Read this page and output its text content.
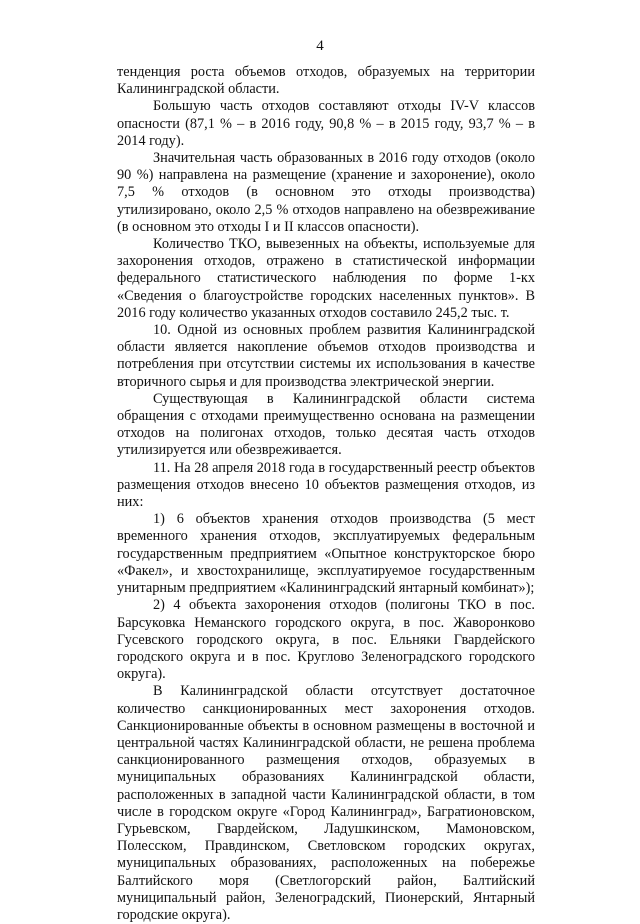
4

тенденция роста объемов отходов, образуемых на территории Калининградской области.

Большую часть отходов составляют отходы IV-V классов опасности (87,1 % – в 2016 году, 90,8 % – в 2015 году, 93,7 % – в 2014 году).

Значительная часть образованных в 2016 году отходов (около 90 %) направлена на размещение (хранение и захоронение), около 7,5 % отходов (в основном это отходы производства) утилизировано, около 2,5 % отходов направлено на обезвреживание (в основном это отходы I и II классов опасности).

Количество ТКО, вывезенных на объекты, используемые для захоронения отходов, отражено в статистической информации федерального статистического наблюдения по форме 1-кх «Сведения о благоустройстве городских населенных пунктов». В 2016 году количество указанных отходов составило 245,2 тыс. т.

10. Одной из основных проблем развития Калининградской области является накопление объемов отходов производства и потребления при отсутствии системы их использования в качестве вторичного сырья и для производства электрической энергии.

Существующая в Калининградской области система обращения с отходами преимущественно основана на размещении отходов на полигонах отходов, только десятая часть отходов утилизируется или обезвреживается.

11. На 28 апреля 2018 года в государственный реестр объектов размещения отходов внесено 10 объектов размещения отходов, из них:

1) 6 объектов хранения отходов производства (5 мест временного хранения отходов, эксплуатируемых федеральным государственным предприятием «Опытное конструкторское бюро «Факел», и хвостохранилище, эксплуатируемое государственным унитарным предприятием «Калининградский янтарный комбинат»);

2) 4 объекта захоронения отходов (полигоны ТКО в пос. Барсуковка Неманского городского округа, в пос. Жаворонково Гусевского городского округа, в пос. Ельняки Гвардейского городского округа и в пос. Круглово Зеленоградского городского округа).

В Калининградской области отсутствует достаточное количество санкционированных мест захоронения отходов. Санкционированные объекты в основном размещены в восточной и центральной частях Калининградской области, не решена проблема санкционированного размещения отходов, образуемых в муниципальных образованиях Калининградской области, расположенных в западной части Калининградской области, в том числе в городском округе «Город Калининград», Багратионовском, Гурьевском, Гвардейском, Ладушкинском, Мамоновском, Полесском, Правдинском, Светловском городских округах, муниципальных образованиях, расположенных на побережье Балтийского моря (Светлогорский район, Балтийский муниципальный район, Зеленоградский, Пионерский, Янтарный городские округа).
